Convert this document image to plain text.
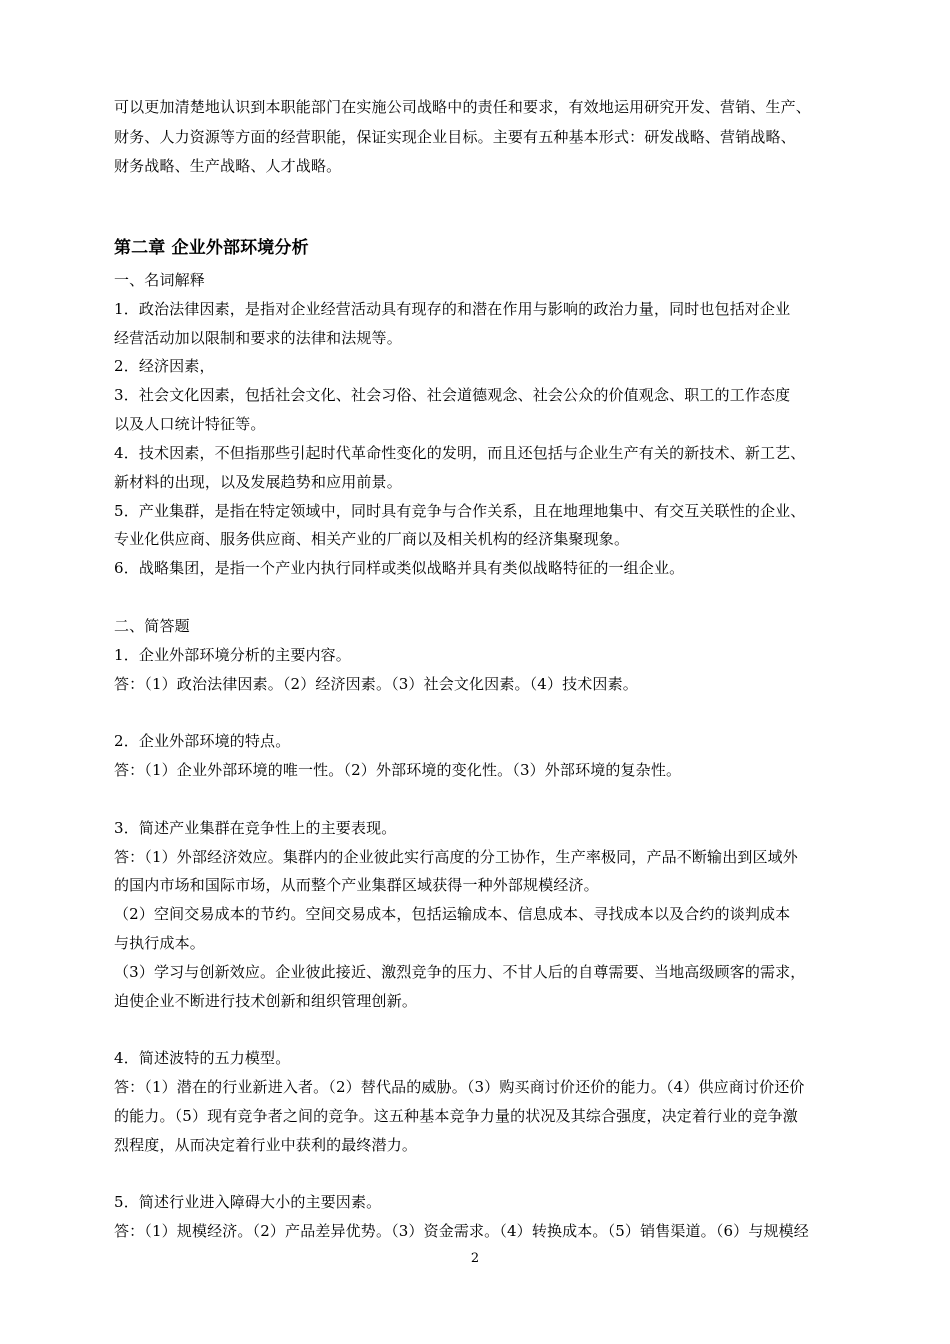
可以更加清楚地认识到本职能部门在实施公司战略中的责任和要求，有效地运用研究开发、营销、生产、

财务、人力资源等方面的经营职能，保证实现企业目标。主要有五种基本形式：研发战略、营销战略、

财务战略、生产战略、人才战略。

第二章 企业外部环境分析

一、名词解释

1．政治法律因素，是指对企业经营活动具有现存的和潜在作用与影响的政治力量，同时也包括对企业

经营活动加以限制和要求的法律和法规等。

2．经济因素，

3．社会文化因素，包括社会文化、社会习俗、社会道德观念、社会公众的价值观念、职工的工作态度

以及人口统计特征等。

4．技术因素，不但指那些引起时代革命性变化的发明，而且还包括与企业生产有关的新技术、新工艺、

新材料的出现，以及发展趋势和应用前景。

5．产业集群，是指在特定领域中，同时具有竞争与合作关系，且在地理地集中、有交互关联性的企业、

专业化供应商、服务供应商、相关产业的厂商以及相关机构的经济集聚现象。

6．战略集团，是指一个产业内执行同样或类似战略并具有类似战略特征的一组企业。

二、简答题

1．企业外部环境分析的主要内容。

答：（1）政治法律因素。（2）经济因素。（3）社会文化因素。（4）技术因素。

2．企业外部环境的特点。

答：（1）企业外部环境的唯一性。（2）外部环境的变化性。（3）外部环境的复杂性。

3．简述产业集群在竞争性上的主要表现。

答：（1）外部经济效应。集群内的企业彼此实行高度的分工协作，生产率极同，产品不断输出到区域外

的国内市场和国际市场，从而整个产业集群区域获得一种外部规模经济。

（2）空间交易成本的节约。空间交易成本，包括运输成本、信息成本、寻找成本以及合约的谈判成本

与执行成本。

（3）学习与创新效应。企业彼此接近、激烈竞争的压力、不甘人后的自尊需要、当地高级顾客的需求，

迫使企业不断进行技术创新和组织管理创新。

4．简述波特的五力模型。

答：（1）潜在的行业新进入者。（2）替代品的威胁。（3）购买商讨价还价的能力。（4）供应商讨价还价

的能力。（5）现有竞争者之间的竞争。这五种基本竞争力量的状况及其综合强度，决定着行业的竞争激

烈程度，从而决定着行业中获利的最终潜力。

5．简述行业进入障碍大小的主要因素。

答：（1）规模经济。（2）产品差异优势。（3）资金需求。（4）转换成本。（5）销售渠道。（6）与规模经

2
